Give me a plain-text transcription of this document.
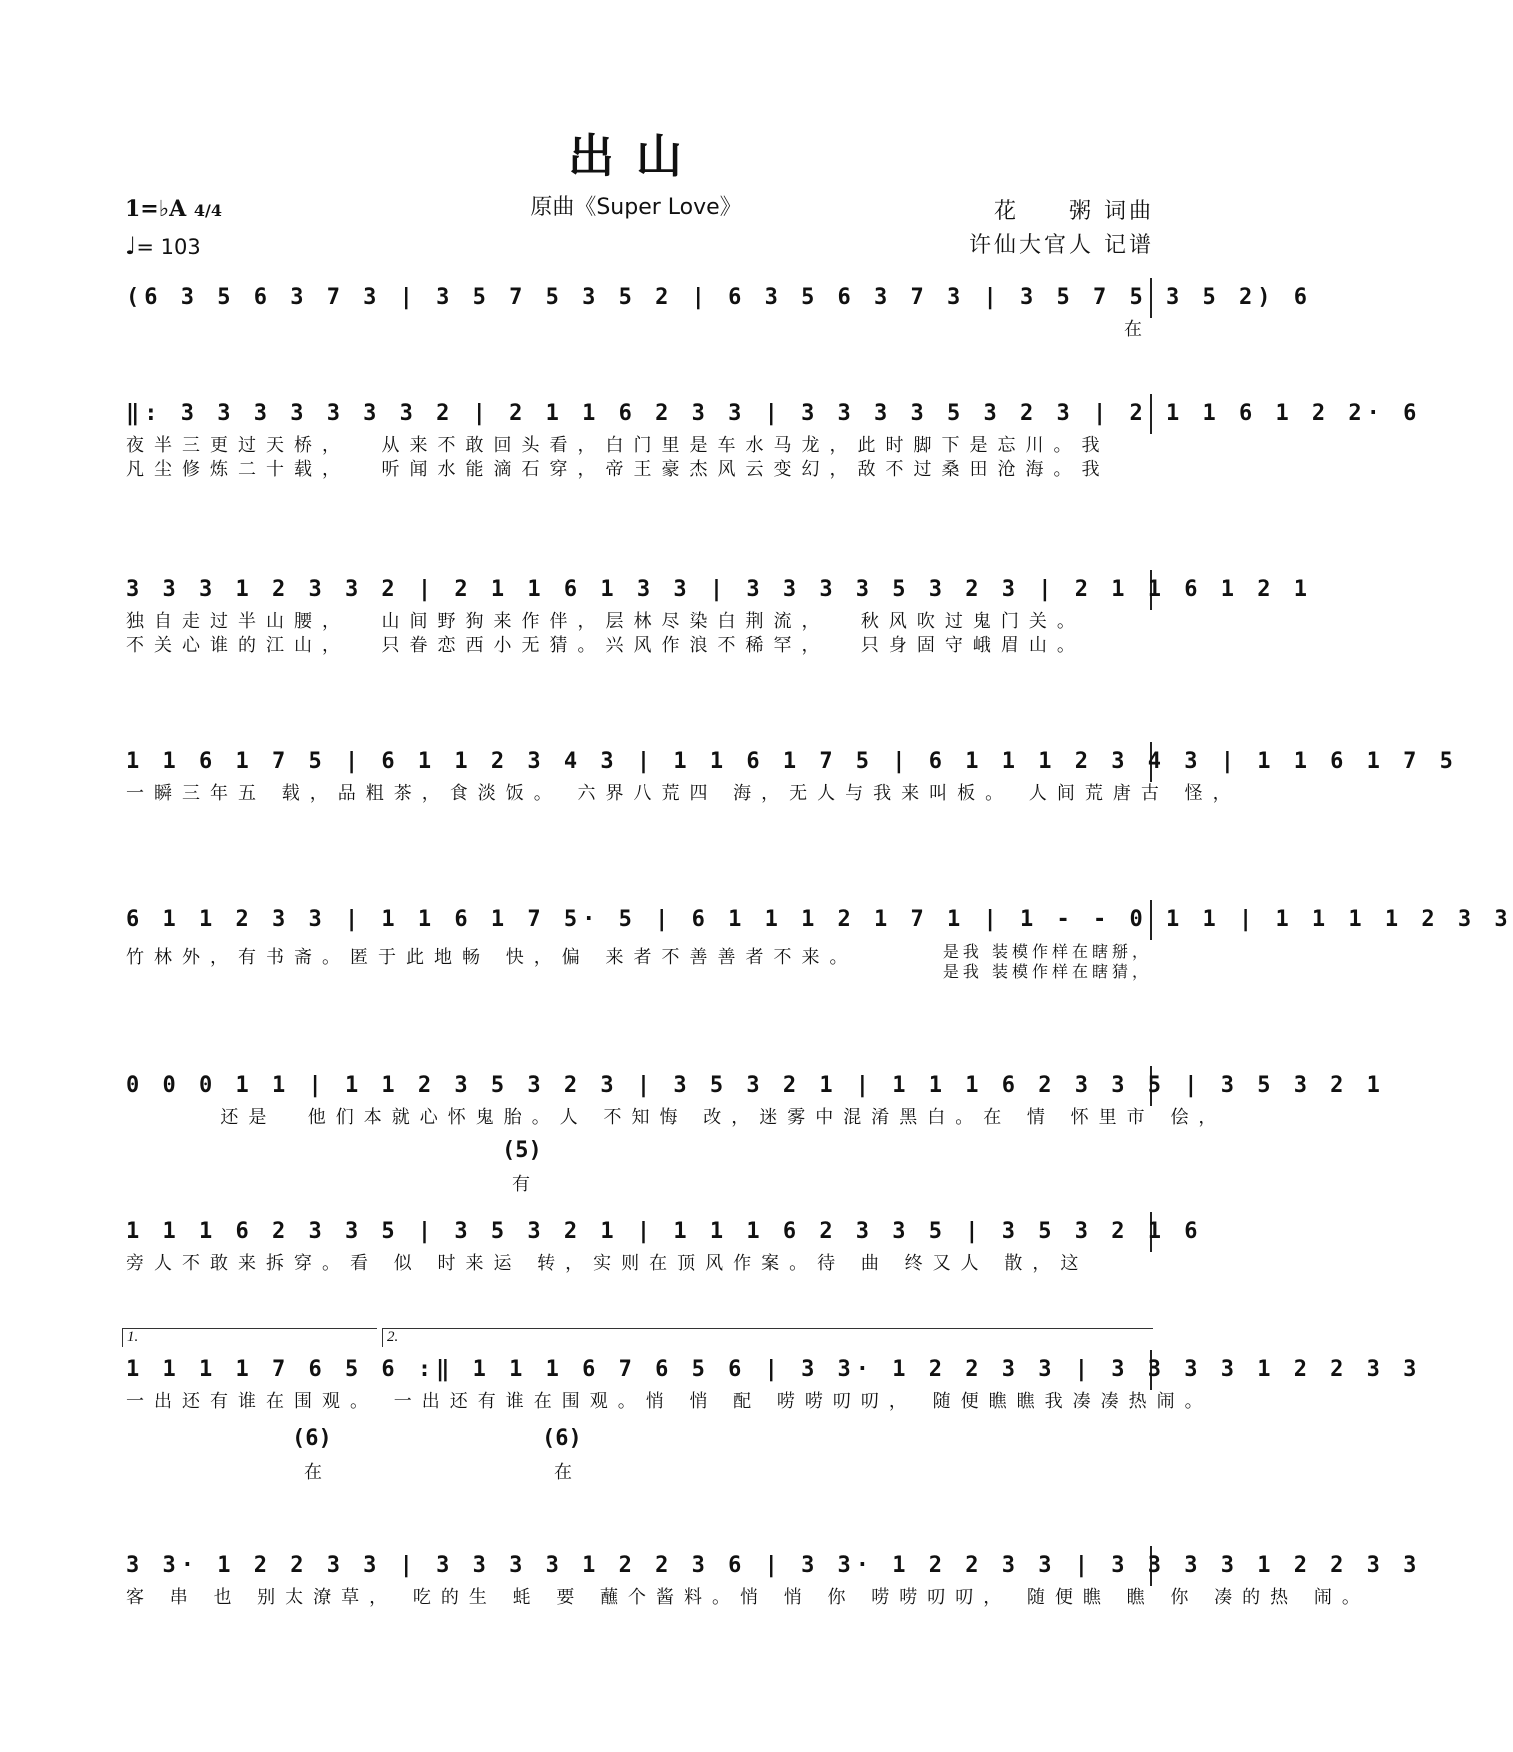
出山
1=♭A 4/4
♩= 103
原曲《Super Love》	花　　粥 词曲
许仙大官人 记谱
(6 3 5 6 3 7 3 | 3 5 7 5 3 5 2 | 6 3 5 6 3 7 3 | 3 5 7 5 3 5 2) 6
在
‖: 3 3 3 3 3 3 3 2 | 2 1 1 6 2 3 3 | 3 3 3 3 5 3 2 3 | 2 1 1 6 1 2 2· 6
夜半三更过天桥，  从来不敢回头看，白门里是车水马龙，此时脚下是忘川。我
凡尘修炼二十载，  听闻水能滴石穿，帝王豪杰风云变幻，敌不过桑田沧海。我
3 3 3 1 2 3 3 2 | 2 1 1 6 1 3 3 | 3 3 3 3 5 3 2 3 | 2 1 1 6 1 2 1
独自走过半山腰，  山间野狗来作伴，层林尽染白荆流，  秋风吹过鬼门关。
不关心谁的江山，  只眷恋西小无猜。兴风作浪不稀罕，  只身固守峨眉山。
1 1 6 1 7 5 | 6 1 1 2 3 4 3 | 1 1 6 1 7 5 | 6 1 1 1 2 3 4 3 | 1 1 6 1 7 5
一瞬三年五 载，品粗茶，食淡饭。 六界八荒四 海，无人与我来叫板。 人间荒唐古 怪，
6 1 1 2 3 3 | 1 1 6 1 7 5· 5 | 6 1 1 1 2 1 7 1 | 1 - - 0 1 1 | 1 1 1 1 2 3 3
竹林外，有书斋。匿于此地畅 快，偏 来者不善善者不来。	是我 装模作样在瞎掰，
是我 装模作样在瞎猜，
0 0 0 1 1 | 1 1 2 3 5 3 2 3 | 3 5 3 2 1 | 1 1 1 6 2 3 3 5 | 3 5 3 2 1
还是  他们本就心怀鬼胎。人 不知悔 改，迷雾中混淆黑白。在 情 怀里市 侩，
(5)
有
1 1 1 6 2 3 3 5 | 3 5 3 2 1 | 1 1 1 6 2 3 3 5 | 3 5 3 2 1 6
旁人不敢来拆穿。看 似 时来运 转，实则在顶风作案。待 曲 终又人 散，这
1.	2.
1 1 1 1 7 6 5 6 :‖ 1 1 1 6 7 6 5 6 | 3 3· 1 2 2 3 3 | 3 3 3 3 1 2 2 3 3
一出还有谁在围观。 一出还有谁在围观。悄 悄 配 唠唠叨叨， 随便瞧瞧我凑凑热闹。
(6)
在
(6)
在
3 3· 1 2 2 3 3 | 3 3 3 3 1 2 2 3 6 | 3 3· 1 2 2 3 3 | 3 3 3 3 1 2 2 3 3
客 串 也 别太潦草， 吃的生 蚝 要 蘸个酱料。悄 悄 你 唠唠叨叨， 随便瞧 瞧 你 凑的热 闹。
